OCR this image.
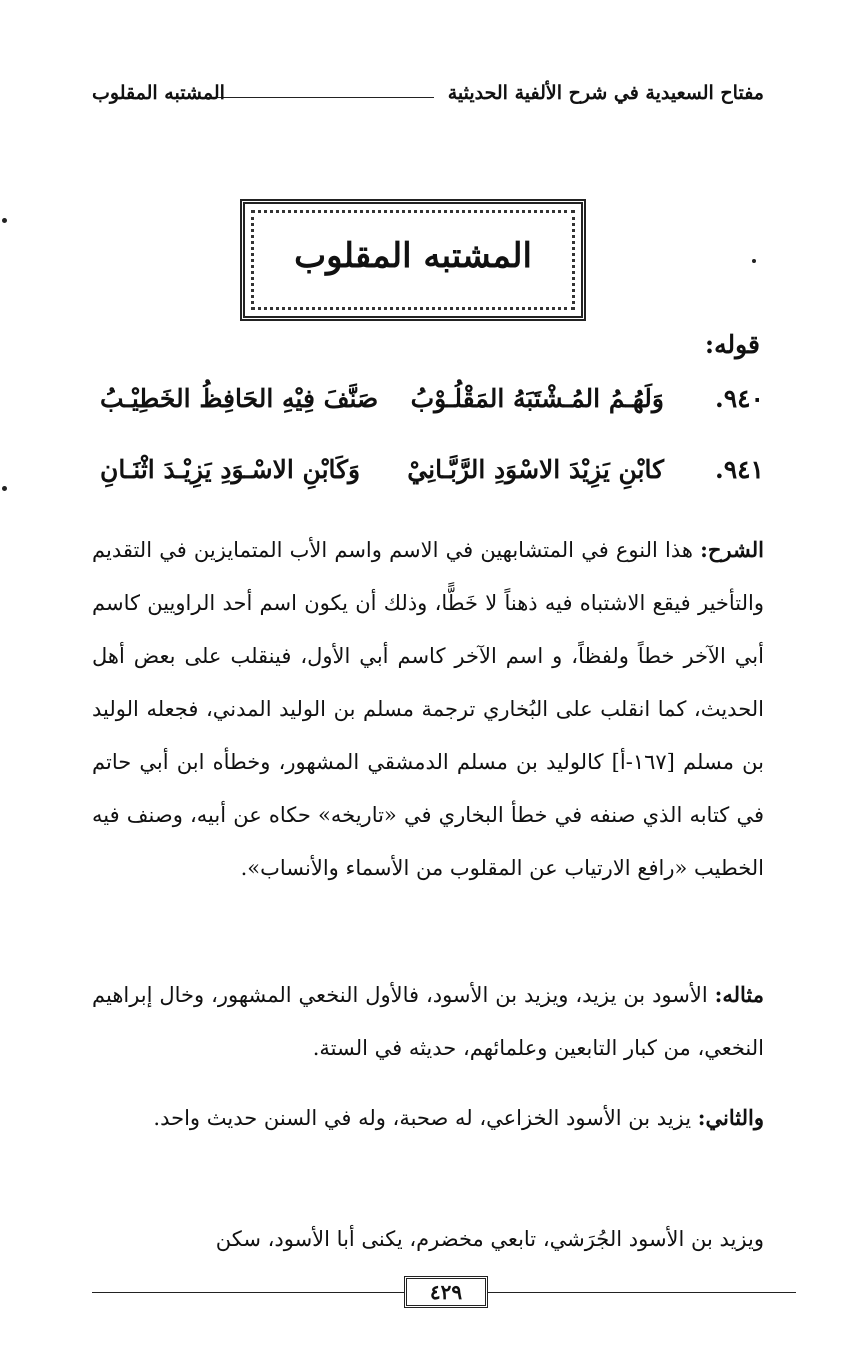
مفتاح السعيدية في شرح الألفية الحديثية
المشتبه المقلوب
المشتبه المقلوب
قوله:
٩٤٠.
وَلَهُـمُ المُـشْتَبَهُ المَقْلُـوْبُ
صَنَّفَ فِيْهِ الحَافِظُ الخَطِيْـبُ
٩٤١.
كابْنِ يَزِيْدَ الاسْوَدِ الرَّبَّـانِيْ
وَكَابْنِ الاسْـوَدِ يَزِيْـدَ اثْنَـانِ

الشرح: هذا النوع في المتشابهين في الاسم واسم الأب المتمايزين في التقديم والتأخير فيقع الاشتباه فيه ذهناً لا خَطًّا، وذلك أن يكون اسم أحد الراويين كاسم أبي الآخر خطاً ولفظاً، و اسم الآخر كاسم أبي الأول، فينقلب على بعض أهل الحديث، كما انقلب على البُخاري ترجمة مسلم بن الوليد المدني، فجعله الوليد بن مسلم [١٦٧-أ] كالوليد بن مسلم الدمشقي المشهور، وخطأه ابن أبي حاتم في كتابه الذي صنفه في خطأ البخاري في «تاريخه» حكاه عن أبيه، وصنف فيه الخطيب «رافع الارتياب عن المقلوب من الأسماء والأنساب».

مثاله: الأسود بن يزيد، ويزيد بن الأسود، فالأول النخعي المشهور، وخال إبراهيم النخعي، من كبار التابعين وعلمائهم، حديثه في الستة.

والثاني: يزيد بن الأسود الخزاعي، له صحبة، وله في السنن حديث واحد.

ويزيد بن الأسود الجُرَشي، تابعي مخضرم، يكنى أبا الأسود، سكن

٤٢٩
